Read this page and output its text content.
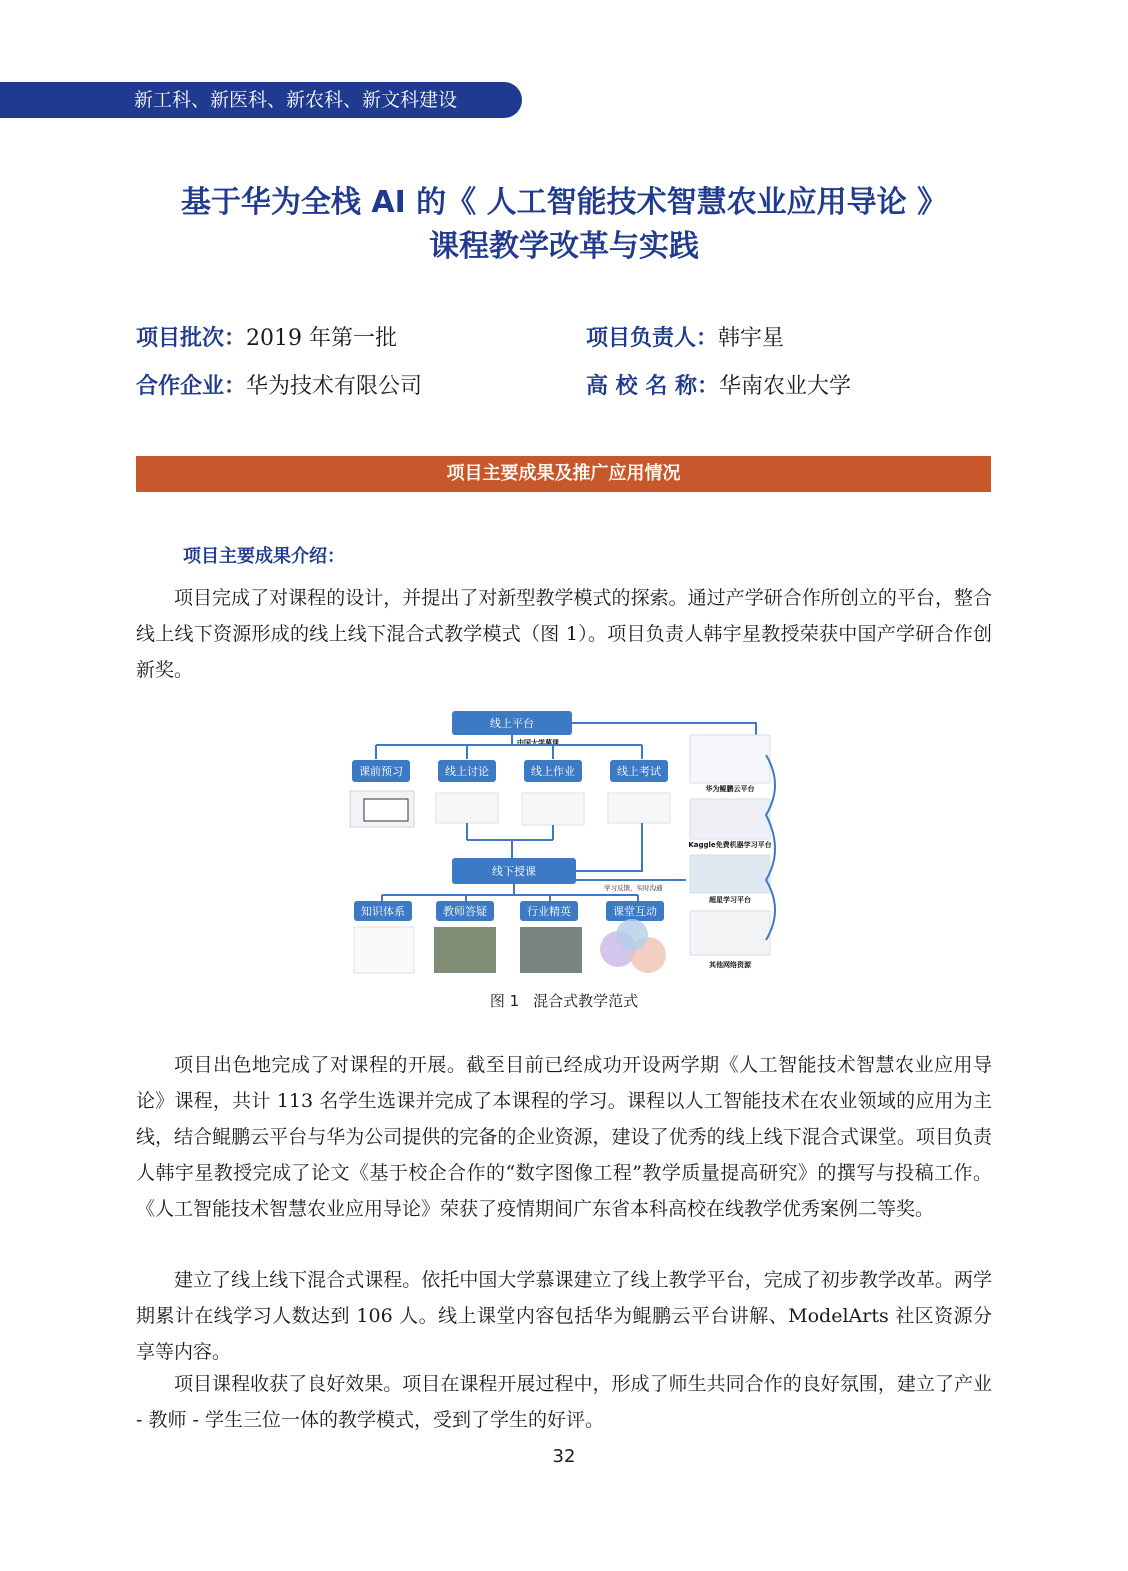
新工科、新医科、新农科、新文科建设
基于华为全栈 AI 的《 人工智能技术智慧农业应用导论 》
课程教学改革与实践
项目批次：2019 年第一批	项目负责人：韩宇星
合作企业：华为技术有限公司	高 校 名 称：华南农业大学
项目主要成果及推广应用情况
项目主要成果介绍：

项目完成了对课程的设计，并提出了对新型教学模式的探索。通过产学研合作所创立的平台，整合线上线下资源形成的线上线下混合式教学模式（图 1）。项目负责人韩宇星教授荣获中国产学研合作创新奖。

线上平台
中国大学慕课
课前预习	线上讨论	线上作业	线上考试
线下授课
学习反馈，实时沟通
知识体系	教师答疑	行业精英	课堂互动
华为鲲鹏云平台
Kaggle免费机器学习平台
超星学习平台
其他网络资源
图 1 混合式教学范式

项目出色地完成了对课程的开展。截至目前已经成功开设两学期《人工智能技术智慧农业应用导论》课程，共计 113 名学生选课并完成了本课程的学习。课程以人工智能技术在农业领域的应用为主线，结合鲲鹏云平台与华为公司提供的完备的企业资源，建设了优秀的线上线下混合式课堂。项目负责人韩宇星教授完成了论文《基于校企合作的“数字图像工程”教学质量提高研究》的撰写与投稿工作。《人工智能技术智慧农业应用导论》荣获了疫情期间广东省本科高校在线教学优秀案例二等奖。

建立了线上线下混合式课程。依托中国大学慕课建立了线上教学平台，完成了初步教学改革。两学期累计在线学习人数达到 106 人。线上课堂内容包括华为鲲鹏云平台讲解、ModelArts 社区资源分享等内容。

项目课程收获了良好效果。项目在课程开展过程中，形成了师生共同合作的良好氛围，建立了产业 - 教师 - 学生三位一体的教学模式，受到了学生的好评。

32
